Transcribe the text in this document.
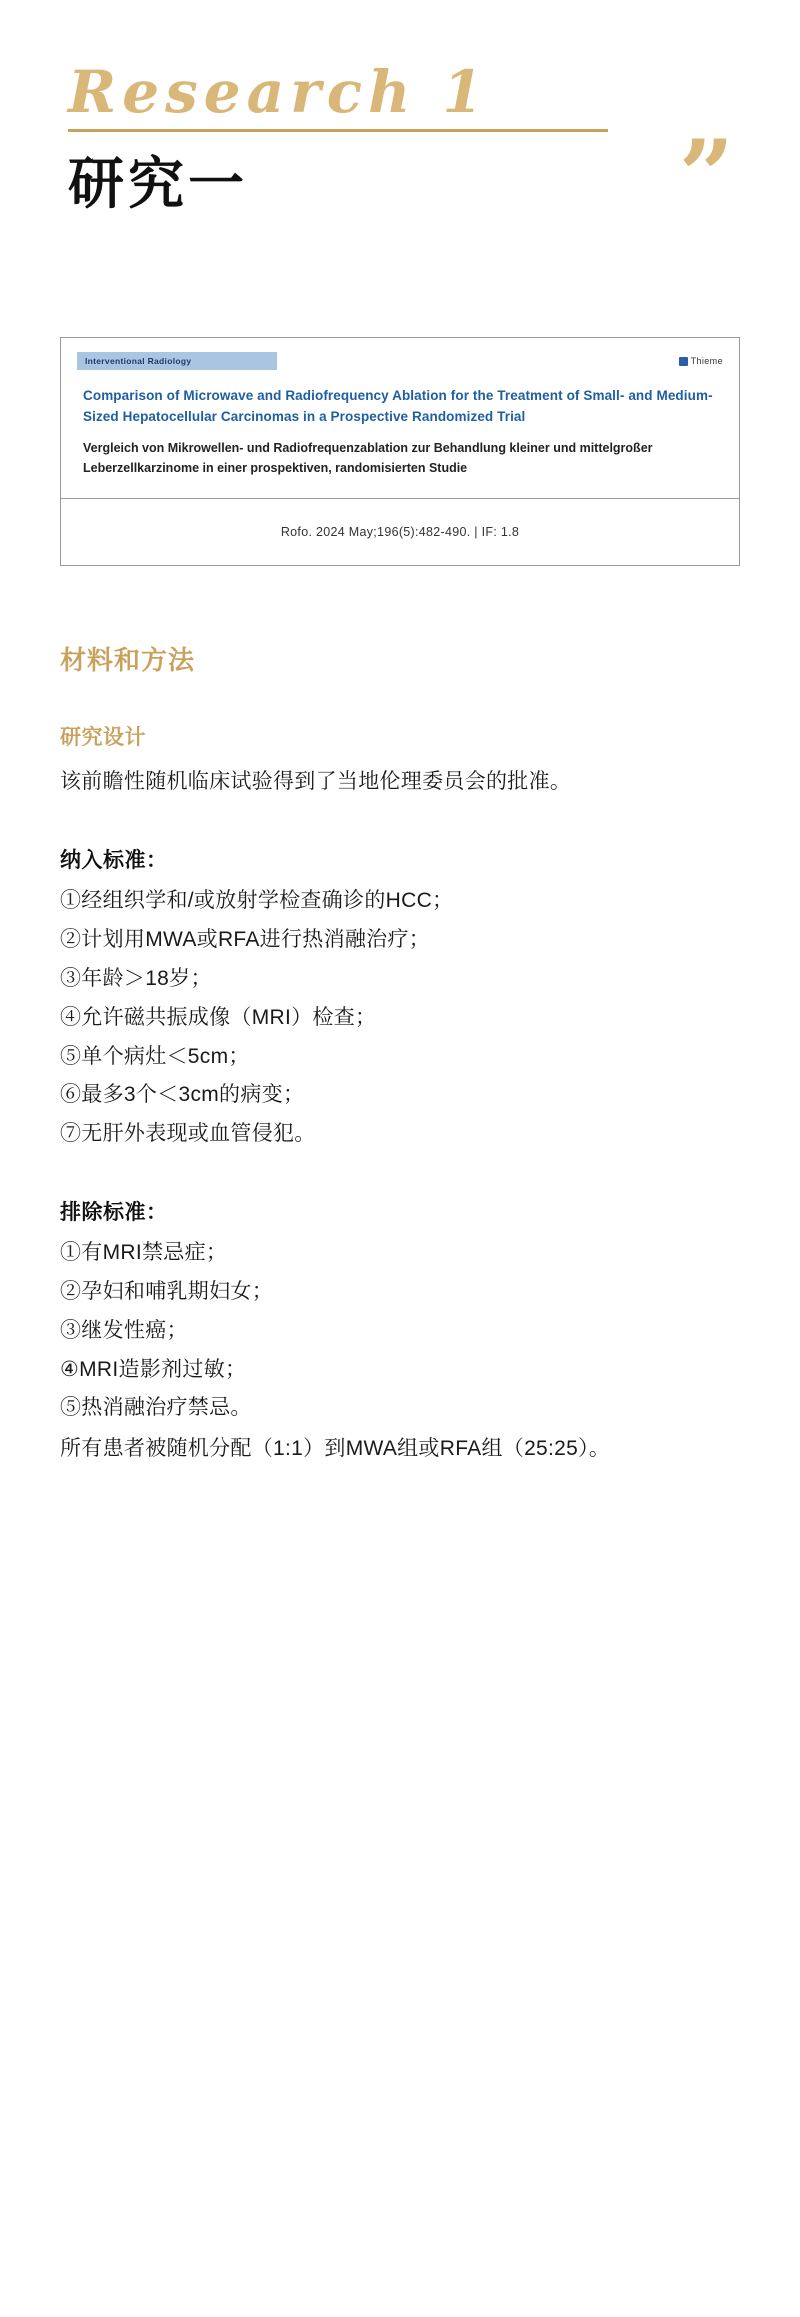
Research 1
研究一	”
Interventional Radiology	Thieme

Comparison of Microwave and Radiofrequency Ablation for the Treatment of Small- and Medium-Sized Hepatocellular Carcinomas in a Prospective Randomized Trial

Vergleich von Mikrowellen- und Radiofrequenzablation zur Behandlung kleiner und mittelgroßer Leberzellkarzinome in einer prospektiven, randomisierten Studie

Rofo. 2024 May;196(5):482-490. | IF: 1.8
材料和方法
研究设计

该前瞻性随机临床试验得到了当地伦理委员会的批准。

纳入标准：
①经组织学和/或放射学检查确诊的HCC；
②计划用MWA或RFA进行热消融治疗；
③年龄＞18岁；
④允许磁共振成像（MRI）检查；
⑤单个病灶＜5cm；
⑥最多3个＜3cm的病变；
⑦无肝外表现或血管侵犯。
排除标准：
①有MRI禁忌症；
②孕妇和哺乳期妇女；
③继发性癌；
④MRI造影剂过敏；
⑤热消融治疗禁忌。
所有患者被随机分配（1:1）到MWA组或RFA组（25:25）。
